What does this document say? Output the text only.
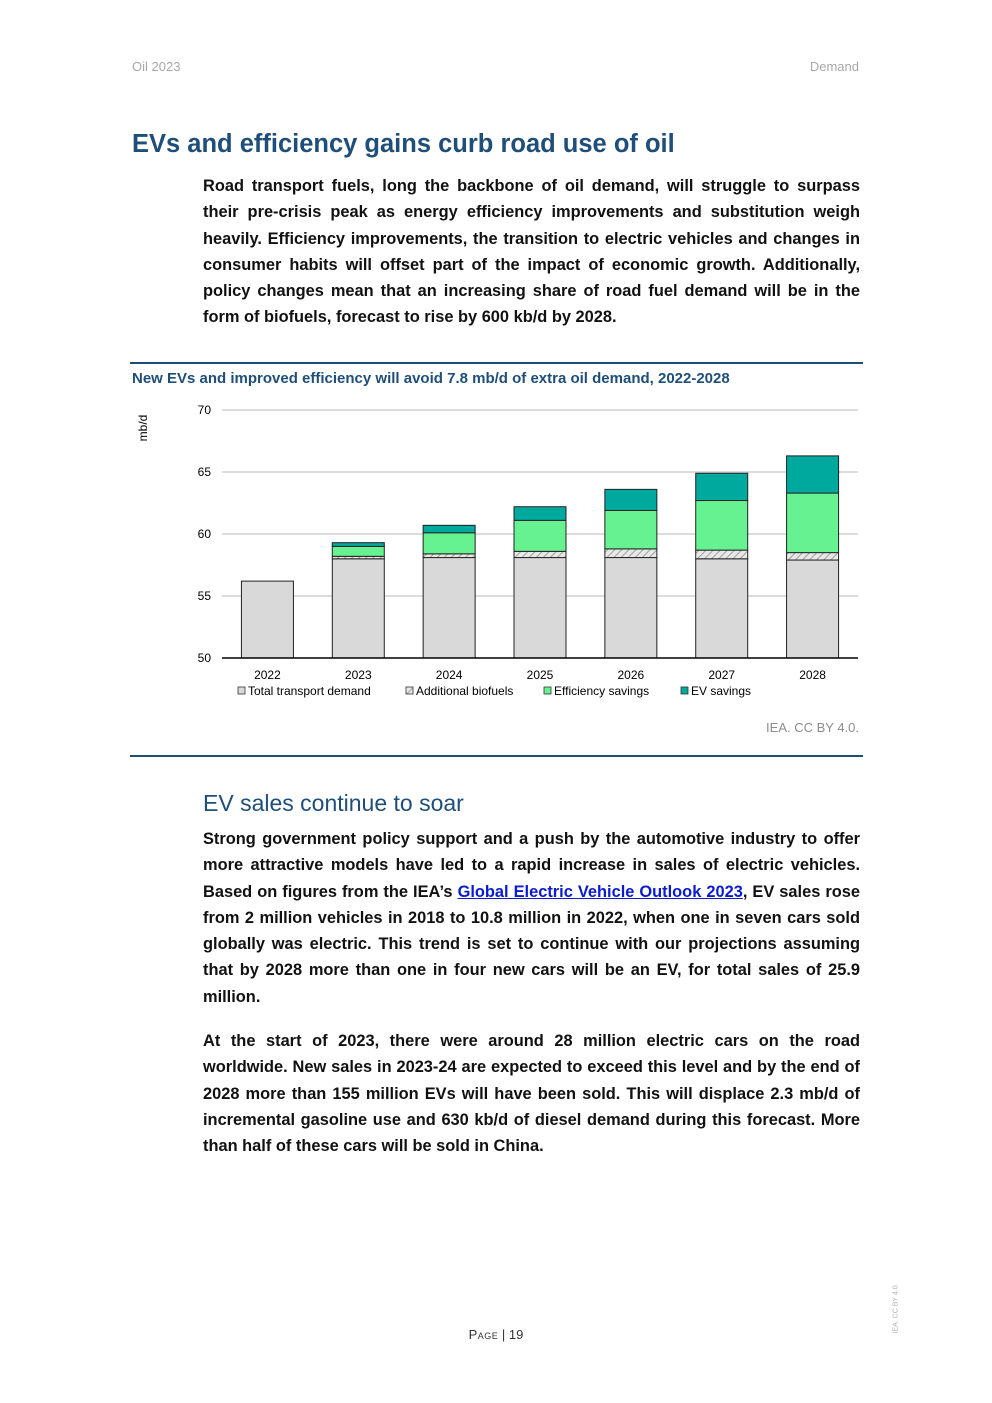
Oil 2023	Demand
EVs and efficiency gains curb road use of oil

Road transport fuels, long the backbone of oil demand, will struggle to surpass their pre-crisis peak as energy efficiency improvements and substitution weigh heavily. Efficiency improvements, the transition to electric vehicles and changes in consumer habits will offset part of the impact of economic growth. Additionally, policy changes mean that an increasing share of road fuel demand will be in the form of biofuels, forecast to rise by 600 kb/d by 2028.

New EVs and improved efficiency will avoid 7.8 mb/d of extra oil demand, 2022-2028
mb/d
50
55
60
65
70
2022	2023	2024	2025	2026	2027	2028
Total transport demand	Additional biofuels	Efficiency savings	EV savings
IEA. CC BY 4.0.
EV sales continue to soar

Strong government policy support and a push by the automotive industry to offer more attractive models have led to a rapid increase in sales of electric vehicles. Based on figures from the IEA’s Global Electric Vehicle Outlook 2023, EV sales rose from 2 million vehicles in 2018 to 10.8 million in 2022, when one in seven cars sold globally was electric. This trend is set to continue with our projections assuming that by 2028 more than one in four new cars will be an EV, for total sales of 25.9 million.

At the start of 2023, there were around 28 million electric cars on the road worldwide. New sales in 2023-24 are expected to exceed this level and by the end of 2028 more than 155 million EVs will have been sold. This will displace 2.3 mb/d of incremental gasoline use and 630 kb/d of diesel demand during this forecast. More than half of these cars will be sold in China.

Page | 19
IEA. CC BY 4.0.
